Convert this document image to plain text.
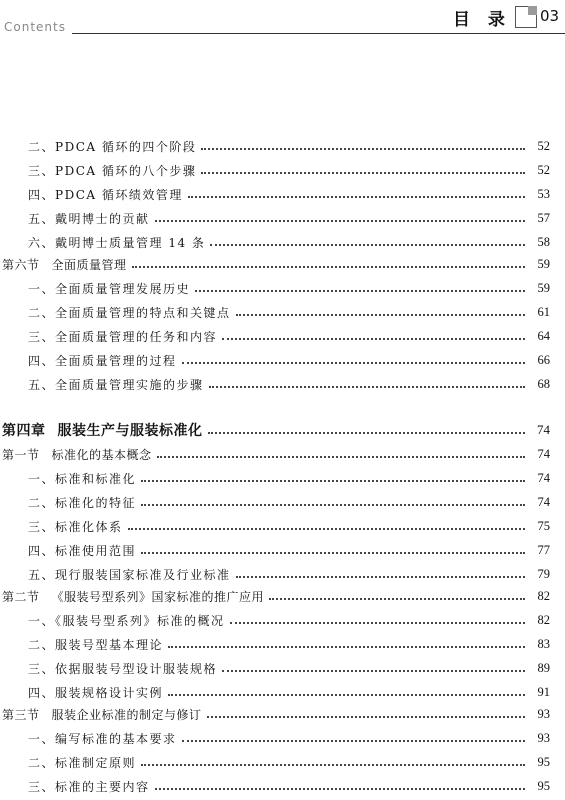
Contents	目 录 03
二、PDCA 循环的四个阶段	52
三、PDCA 循环的八个步骤	52
四、PDCA 循环绩效管理	53
五、戴明博士的贡献	57
六、戴明博士质量管理 14 条	58
第六节 全面质量管理	59
一、全面质量管理发展历史	59
二、全面质量管理的特点和关键点	61
三、全面质量管理的任务和内容	64
四、全面质量管理的过程	66
五、全面质量管理实施的步骤	68
第四章 服装生产与服装标准化	74
第一节 标准化的基本概念	74
一、标准和标准化	74
二、标准化的特征	74
三、标准化体系	75
四、标准使用范围	77
五、现行服装国家标准及行业标准	79
第二节 《服装号型系列》国家标准的推广应用	82
一、《服装号型系列》标准的概况	82
二、服装号型基本理论	83
三、依据服装号型设计服装规格	89
四、服装规格设计实例	91
第三节 服装企业标准的制定与修订	93
一、编写标准的基本要求	93
二、标准制定原则	95
三、标准的主要内容	95
